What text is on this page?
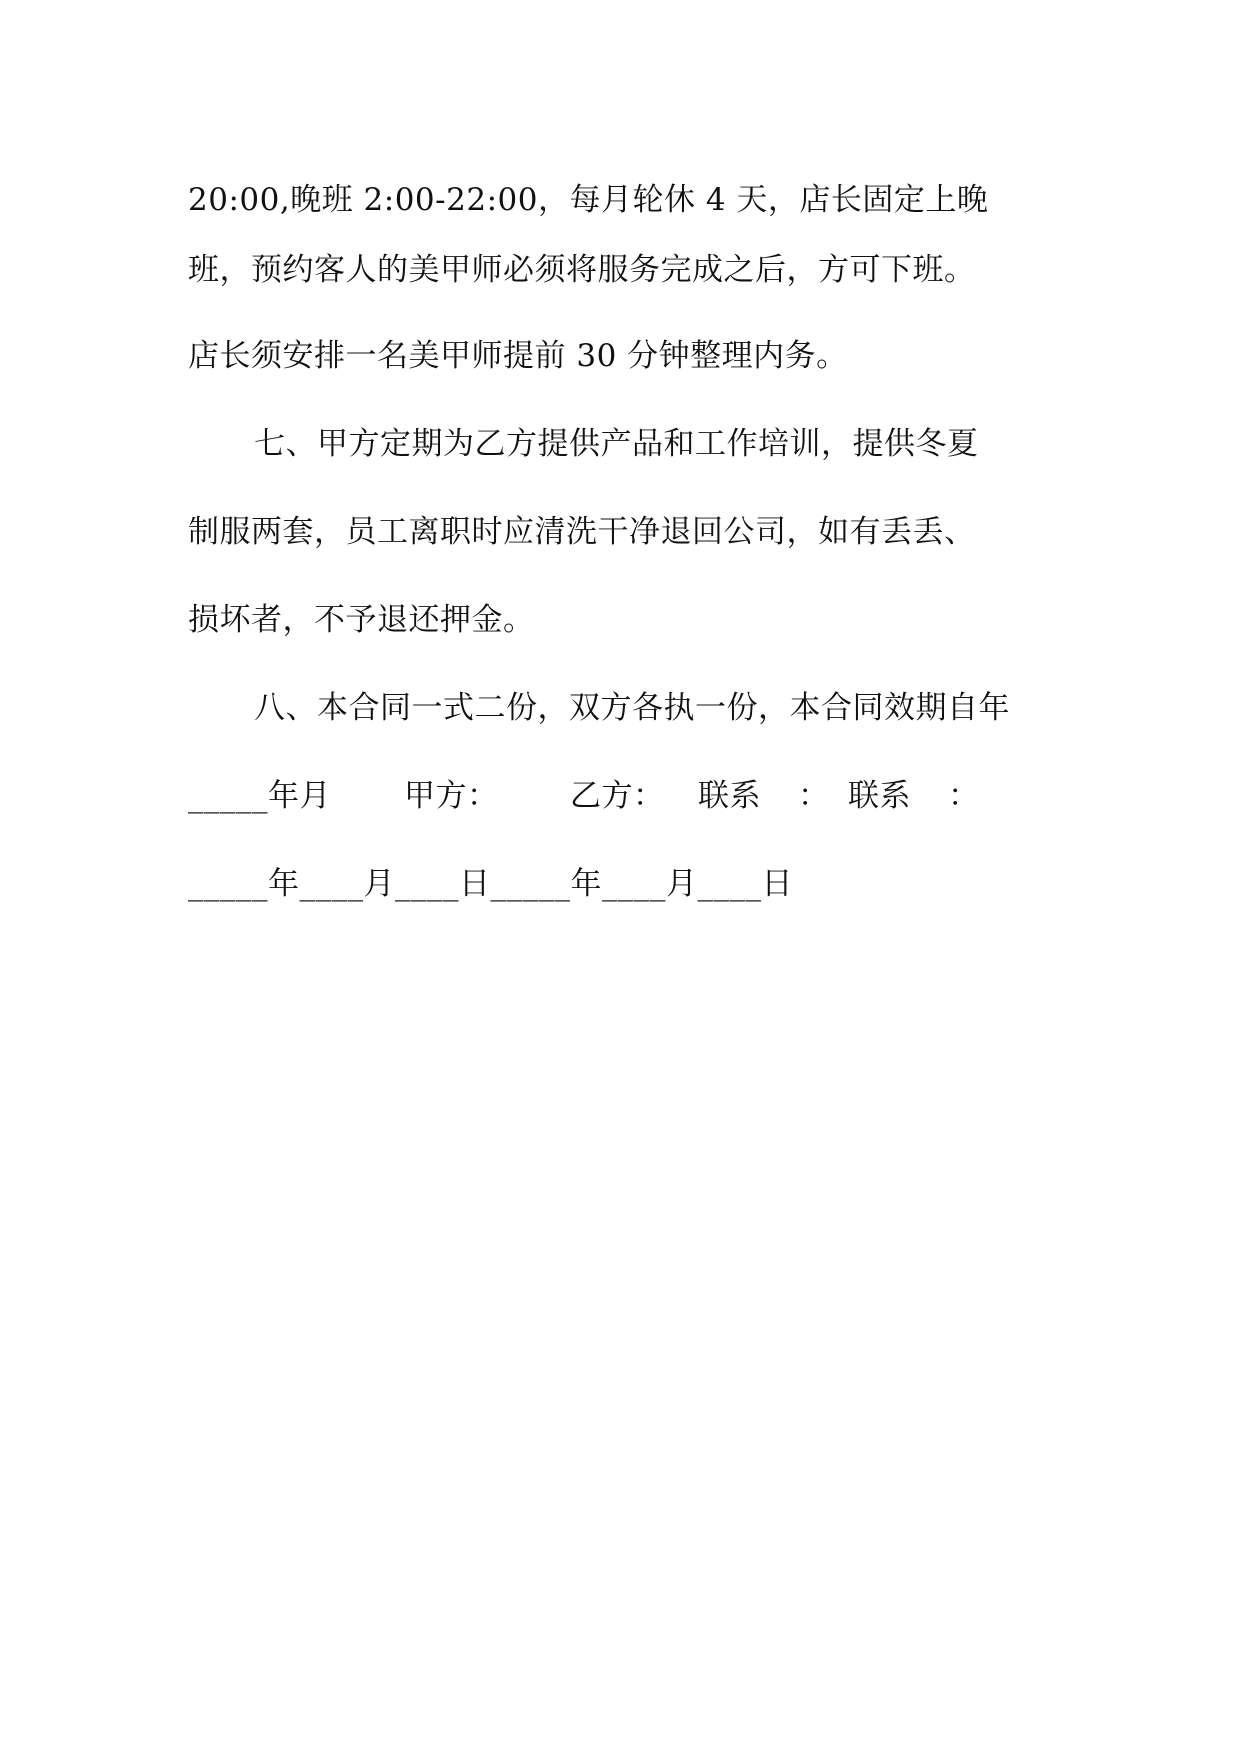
20:00,晚班 2:00-22:00，每月轮休 4 天，店长固定上晚
班，预约客人的美甲师必须将服务完成之后，方可下班。
店长须安排一名美甲师提前 30 分钟整理内务。
七、甲方定期为乙方提供产品和工作培训，提供冬夏
制服两套，员工离职时应清洗干净退回公司，如有丢丢、
损坏者，不予退还押金。
八、本合同一式二份，双方各执一份，本合同效期自年

_____年月

甲方：

乙方：

联系

：

联系

：

_____年____月____日_____年____月____日
